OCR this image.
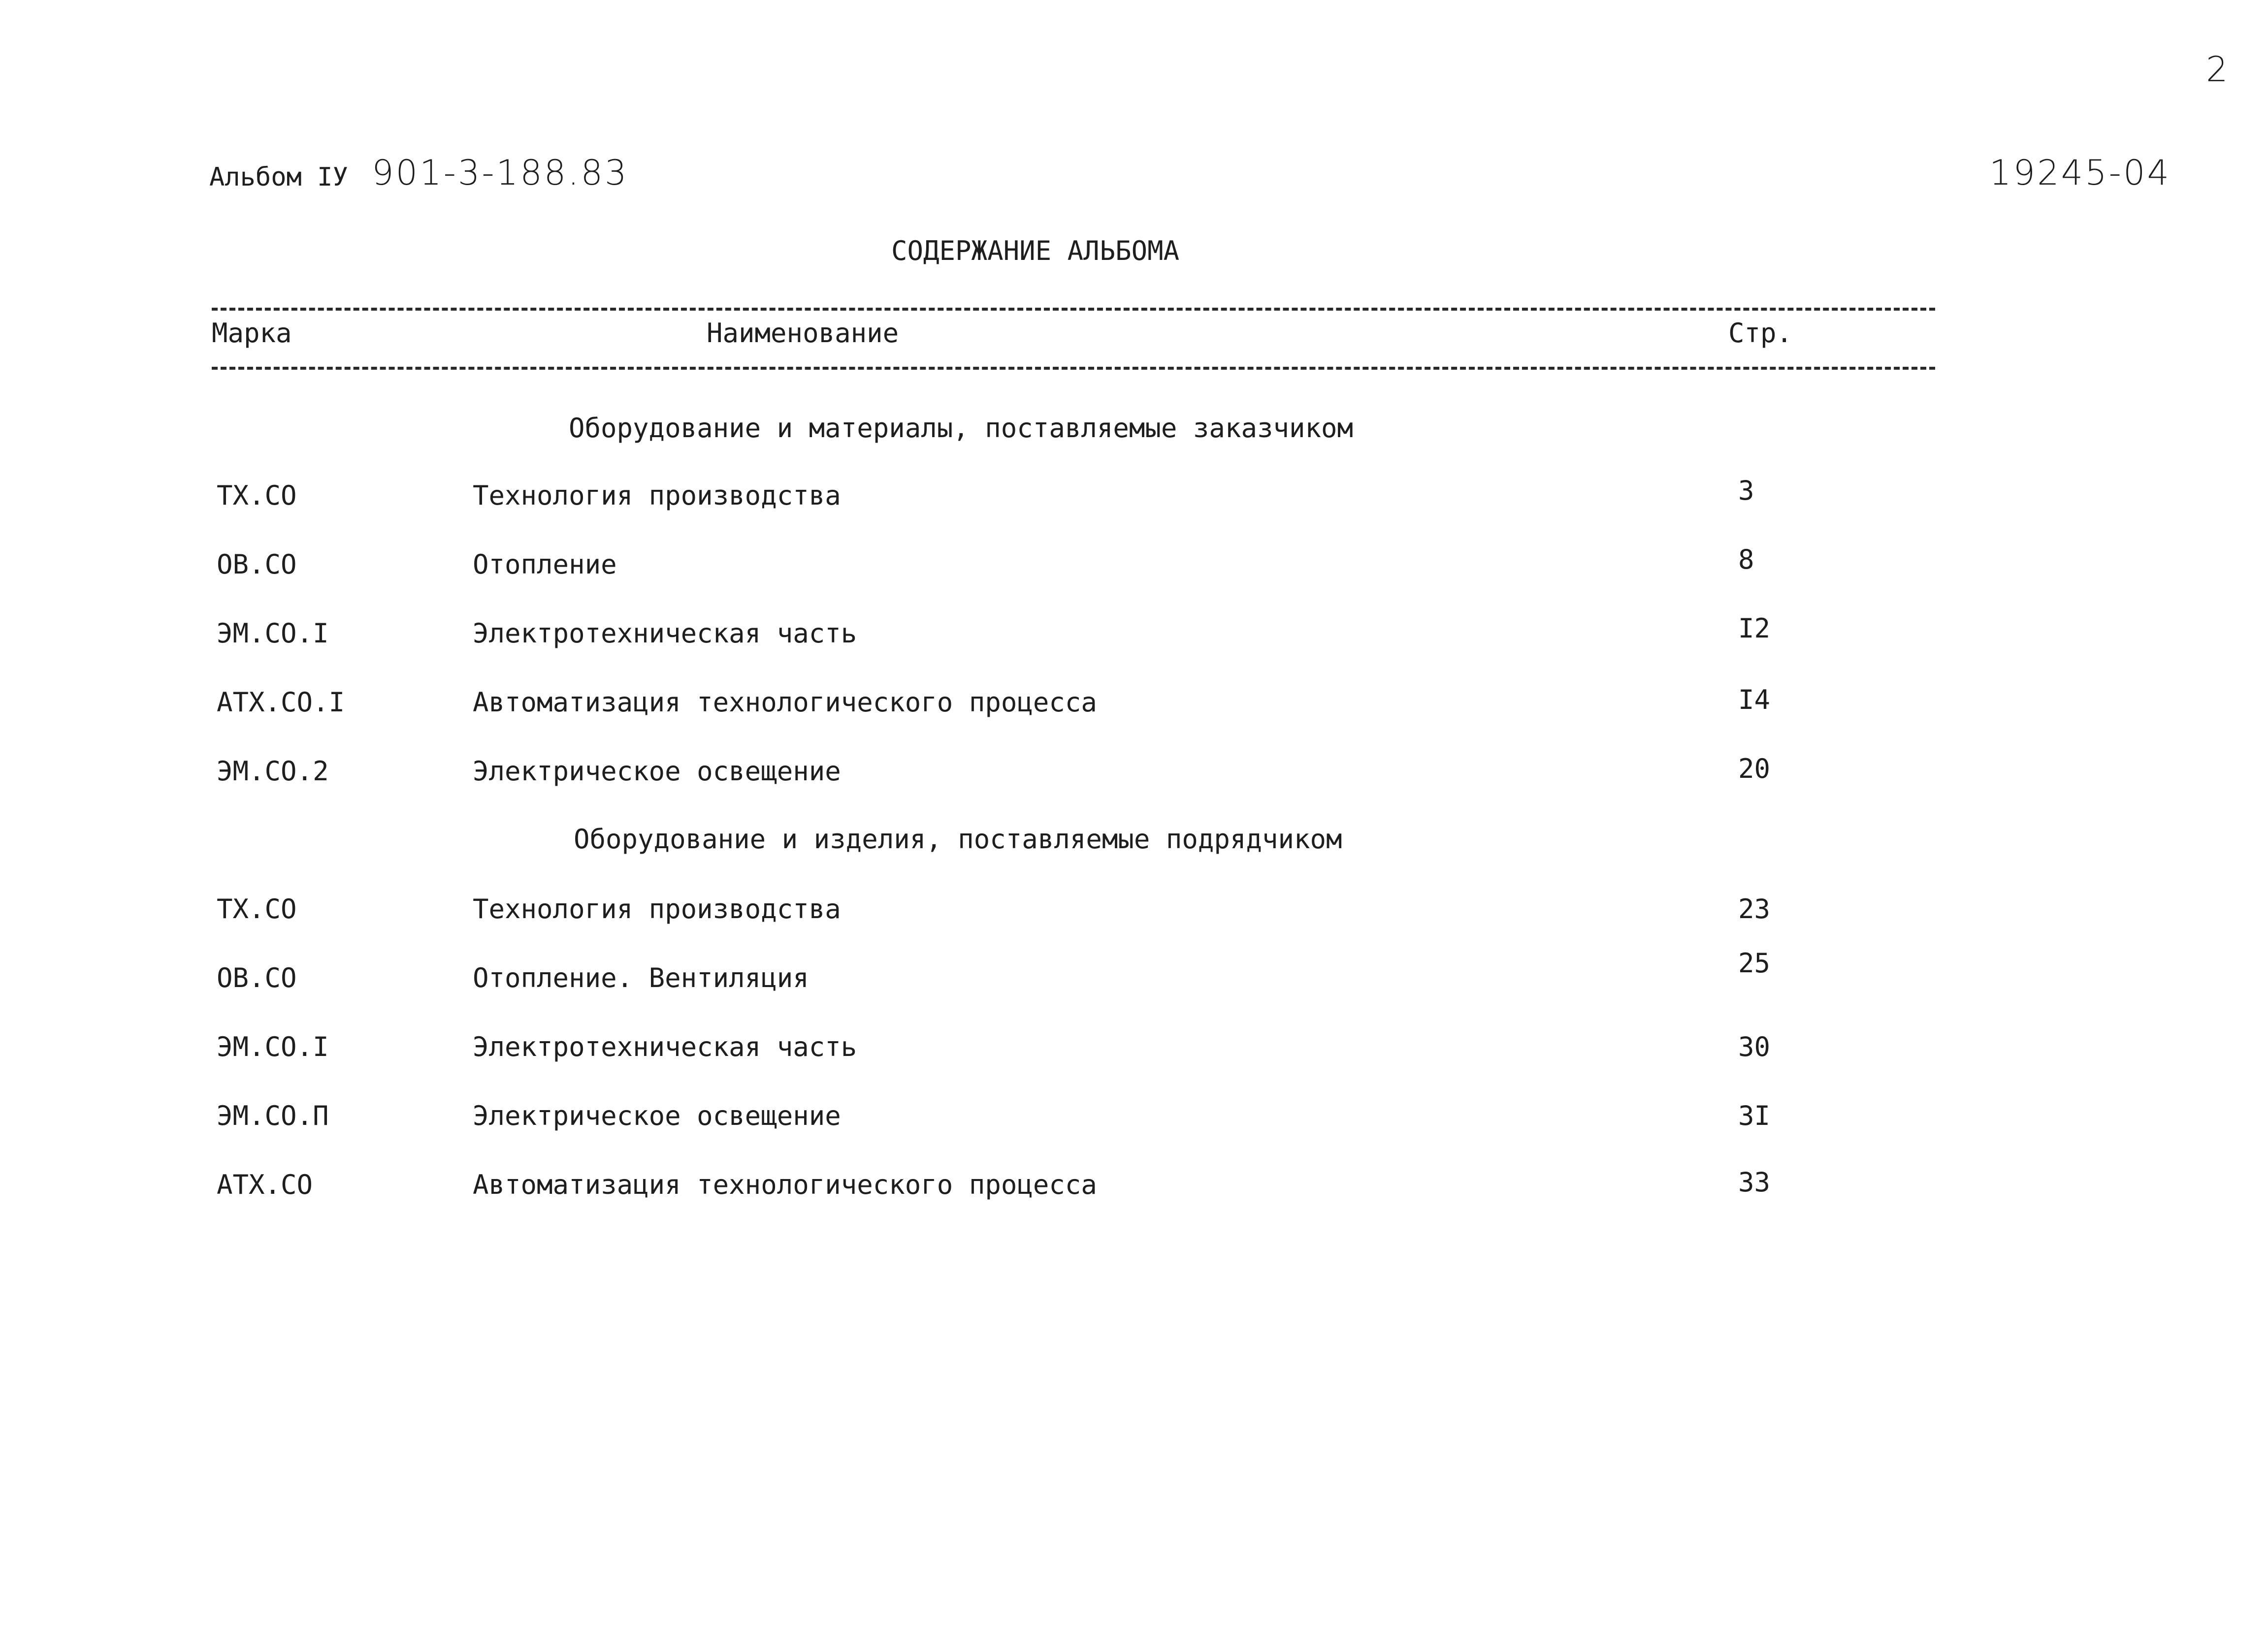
2
Альбом IУ 901-3-188.83	19245-04
СОДЕРЖАНИЕ АЛЬБОМА
Марка	Наименование	Стр.
Оборудование и материалы, поставляемые заказчиком
ТХ.СО	Технология производства	3
ОВ.СО	Отопление	8
ЭМ.СО.I	Электротехническая часть	I2
АТХ.СО.I	Автоматизация технологического процесса	I4
ЭМ.СО.2	Электрическое освещение	20
Оборудование и изделия, поставляемые подрядчиком
ТХ.СО	Технология производства	23
ОВ.СО	Отопление. Вентиляция	25
ЭМ.СО.I	Электротехническая часть	30
ЭМ.СО.П	Электрическое освещение	3I
АТХ.СО	Автоматизация технологического процесса	33
